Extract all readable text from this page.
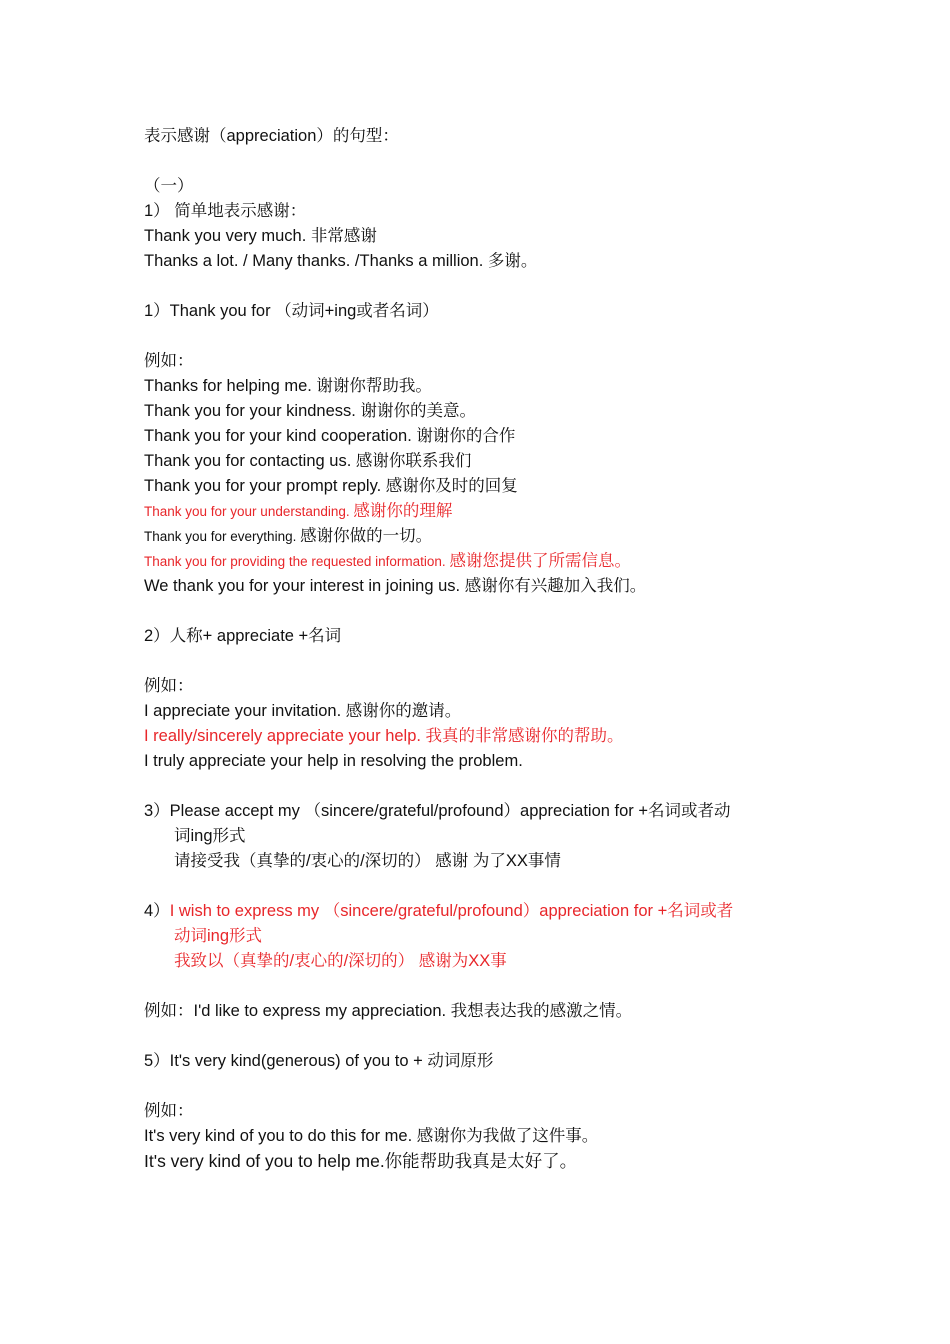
表示感谢（appreciation）的句型：
（一）
1） 简单地表示感谢：
Thank you very much. 非常感谢
Thanks a lot. / Many thanks. /Thanks a million. 多谢。
1）Thank you for （动词+ing或者名词）
例如：
Thanks for helping me. 谢谢你帮助我。
Thank you for your kindness. 谢谢你的美意。
Thank you for your kind cooperation. 谢谢你的合作
Thank you for contacting us. 感谢你联系我们
Thank you for your prompt reply. 感谢你及时的回复
Thank you for your understanding. 感谢你的理解
Thank you for everything. 感谢你做的一切。
Thank you for providing the requested information. 感谢您提供了所需信息。
We thank you for your interest in joining us. 感谢你有兴趣加入我们。
2）人称+ appreciate +名词
例如：
I appreciate your invitation. 感谢你的邀请。
I really/sincerely appreciate your help. 我真的非常感谢你的帮助。
I truly appreciate your help in resolving the problem.
3）Please accept my （sincere/grateful/profound）appreciation for +名词或者动
词ing形式
请接受我（真挚的/衷心的/深切的） 感谢 为了XX事情
4）I wish to express my （sincere/grateful/profound）appreciation for +名词或者
动词ing形式
我致以（真挚的/衷心的/深切的） 感谢为XX事
例如：I'd like to express my appreciation. 我想表达我的感激之情。
5）It's very kind(generous) of you to + 动词原形
例如：
It's very kind of you to do this for me. 感谢你为我做了这件事。
It's very kind of you to help me.你能帮助我真是太好了。
